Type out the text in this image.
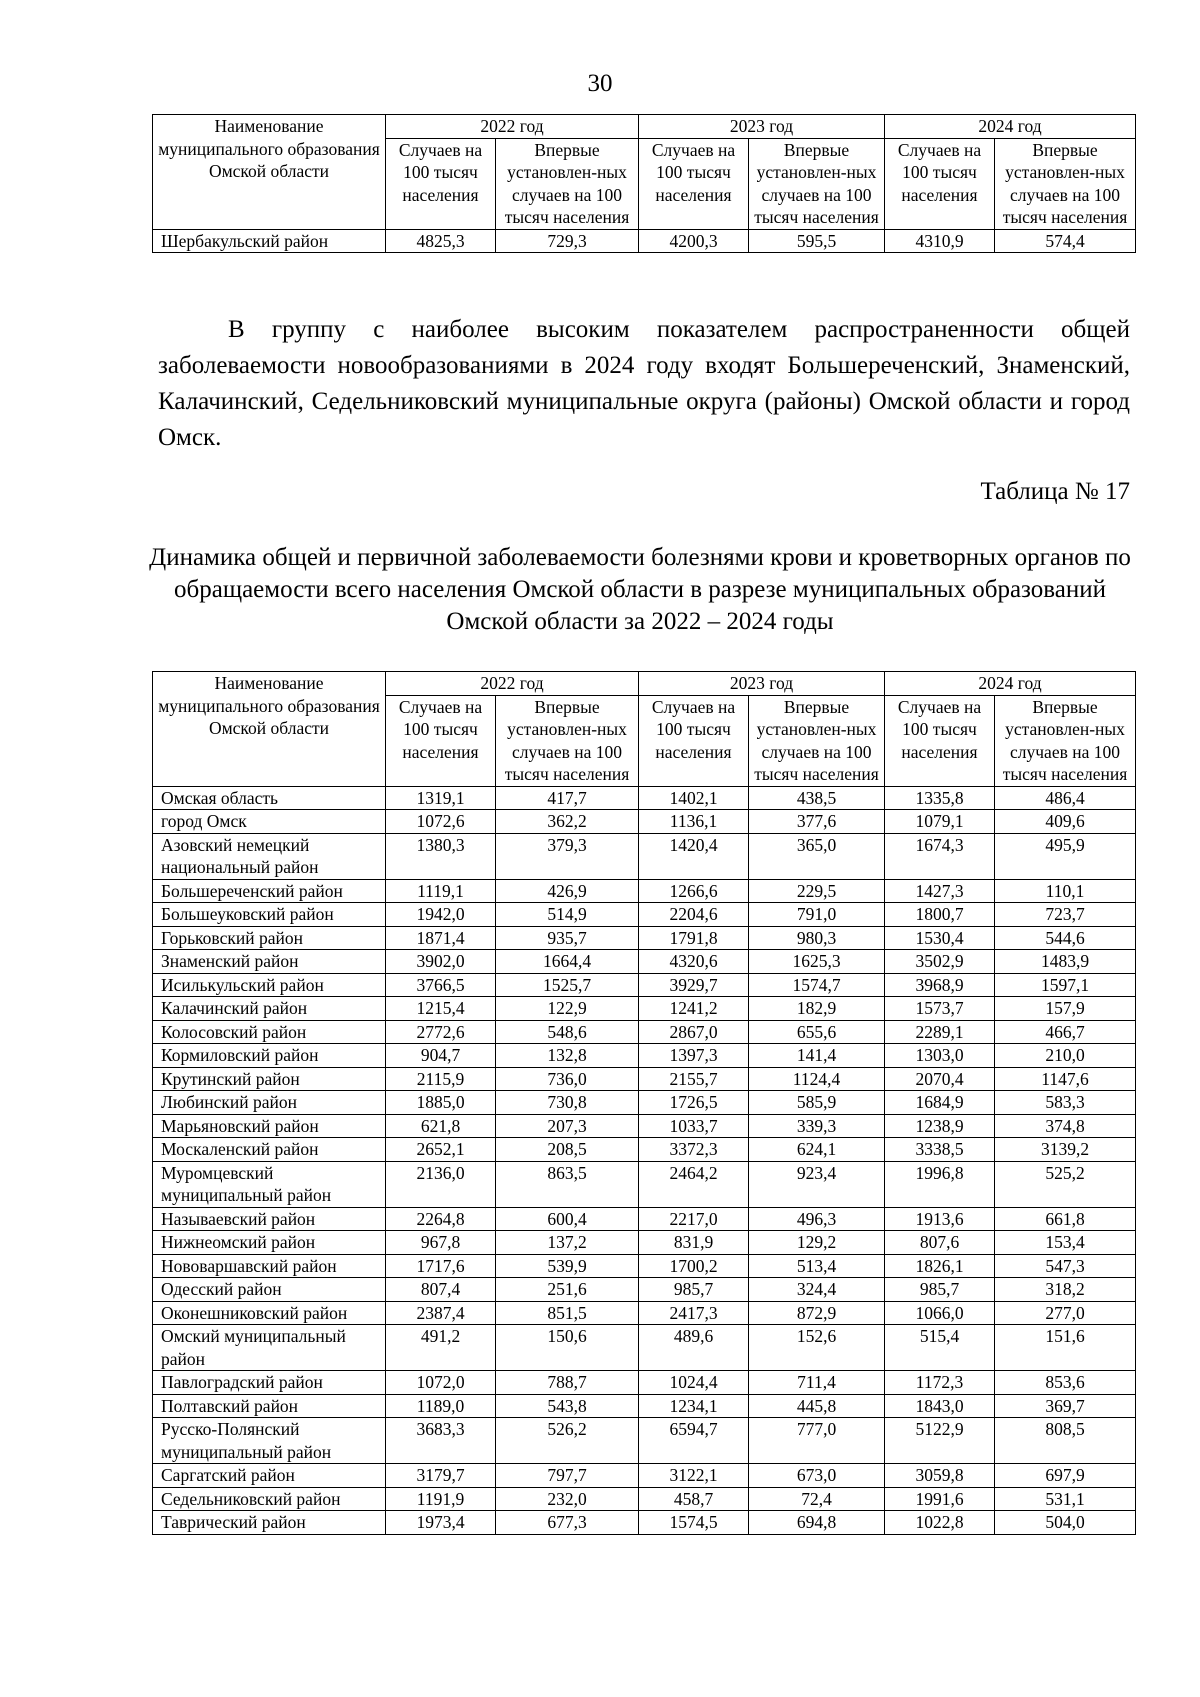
30
Наименование муниципального образования Омской области	2022 год		2023 год		2024 год	
	Случаев на 100 тысяч населения	Впервые установлен-ных случаев на 100 тысяч населения	Случаев на 100 тысяч населения	Впервые установлен-ных случаев на 100 тысяч населения	Случаев на 100 тысяч населения	Впервые установлен-ных случаев на 100 тысяч населения
Шербакульский район	4825,3	729,3	4200,3	595,5	4310,9	574,4

В группу с наиболее высоким показателем распространенности общей заболеваемости новообразованиями в 2024 году входят Большереченский, Знаменский, Калачинский, Седельниковский муниципальные округа (районы) Омской области и город Омск.

Таблица № 17

Динамика общей и первичной заболеваемости болезнями крови и кроветворных органов по обращаемости всего населения Омской области в разрезе муниципальных образований Омской области за 2022 – 2024 годы

Наименование муниципального образования Омской области	2022 год		2023 год		2024 год	
	Случаев на 100 тысяч населения	Впервые установлен-ных случаев на 100 тысяч населения	Случаев на 100 тысяч населения	Впервые установлен-ных случаев на 100 тысяч населения	Случаев на 100 тысяч населения	Впервые установлен-ных случаев на 100 тысяч населения
Омская область	1319,1	417,7	1402,1	438,5	1335,8	486,4
город Омск	1072,6	362,2	1136,1	377,6	1079,1	409,6
Азовский немецкий национальный район	1380,3	379,3	1420,4	365,0	1674,3	495,9
Большереченский район	1119,1	426,9	1266,6	229,5	1427,3	110,1
Большеуковский район	1942,0	514,9	2204,6	791,0	1800,7	723,7
Горьковский район	1871,4	935,7	1791,8	980,3	1530,4	544,6
Знаменский район	3902,0	1664,4	4320,6	1625,3	3502,9	1483,9
Исилькульский район	3766,5	1525,7	3929,7	1574,7	3968,9	1597,1
Калачинский район	1215,4	122,9	1241,2	182,9	1573,7	157,9
Колосовский район	2772,6	548,6	2867,0	655,6	2289,1	466,7
Кормиловский район	904,7	132,8	1397,3	141,4	1303,0	210,0
Крутинский район	2115,9	736,0	2155,7	1124,4	2070,4	1147,6
Любинский район	1885,0	730,8	1726,5	585,9	1684,9	583,3
Марьяновский район	621,8	207,3	1033,7	339,3	1238,9	374,8
Москаленский район	2652,1	208,5	3372,3	624,1	3338,5	3139,2
Муромцевский муниципальный район	2136,0	863,5	2464,2	923,4	1996,8	525,2
Называевский район	2264,8	600,4	2217,0	496,3	1913,6	661,8
Нижнеомский район	967,8	137,2	831,9	129,2	807,6	153,4
Нововаршавский район	1717,6	539,9	1700,2	513,4	1826,1	547,3
Одесский район	807,4	251,6	985,7	324,4	985,7	318,2
Оконешниковский район	2387,4	851,5	2417,3	872,9	1066,0	277,0
Омский муниципальный район	491,2	150,6	489,6	152,6	515,4	151,6
Павлоградский район	1072,0	788,7	1024,4	711,4	1172,3	853,6
Полтавский район	1189,0	543,8	1234,1	445,8	1843,0	369,7
Русско-Полянский муниципальный район	3683,3	526,2	6594,7	777,0	5122,9	808,5
Саргатский район	3179,7	797,7	3122,1	673,0	3059,8	697,9
Седельниковский район	1191,9	232,0	458,7	72,4	1991,6	531,1
Таврический район	1973,4	677,3	1574,5	694,8	1022,8	504,0
